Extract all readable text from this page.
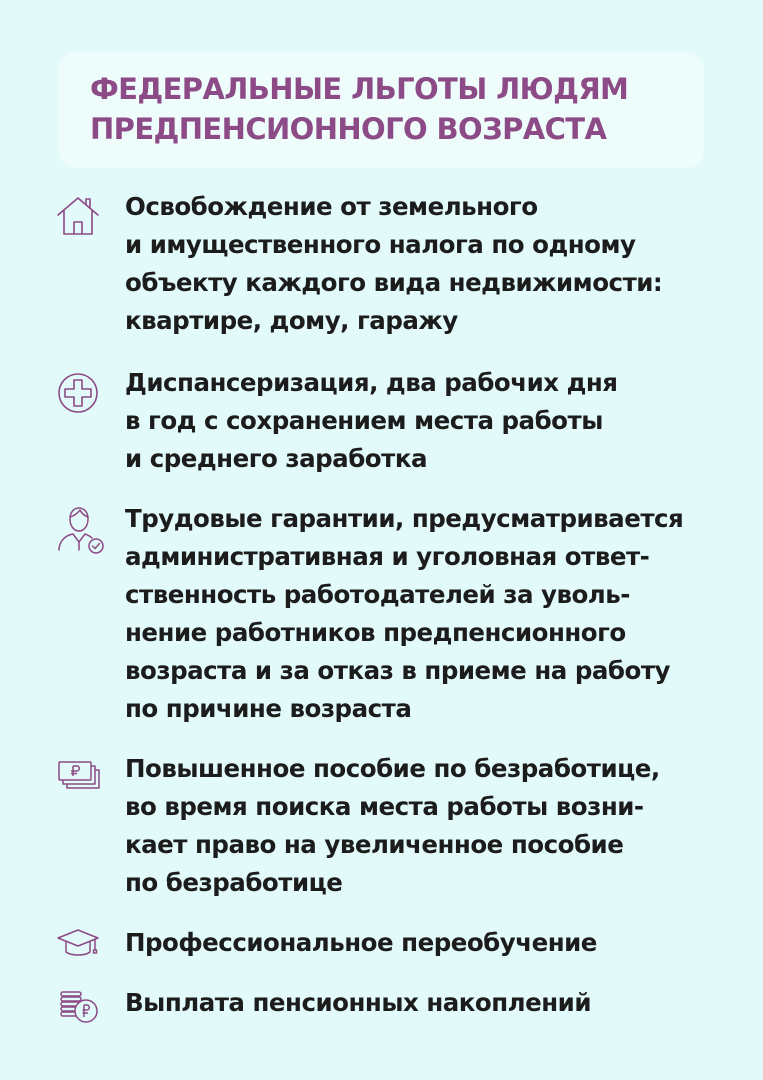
ФЕДЕРАЛЬНЫЕ ЛЬГОТЫ ЛЮДЯМ
ПРЕДПЕНСИОННОГО ВОЗРАСТА

Освобождение от земельного
и имущественного налога по одному
объекту каждого вида недвижимости:
квартире, дому, гаражу

Диспансеризация, два рабочих дня
в год с сохранением места работы
и среднего заработка

Трудовые гарантии, предусматривается
административная и уголовная ответ-
ственность работодателей за уволь-
нение работников предпенсионного
возраста и за отказ в приеме на работу
по причине возраста

Повышенное пособие по безработице,
во время поиска места работы возни-
кает право на увеличенное пособие
по безработице

Профессиональное переобучение

Выплата пенсионных накоплений
